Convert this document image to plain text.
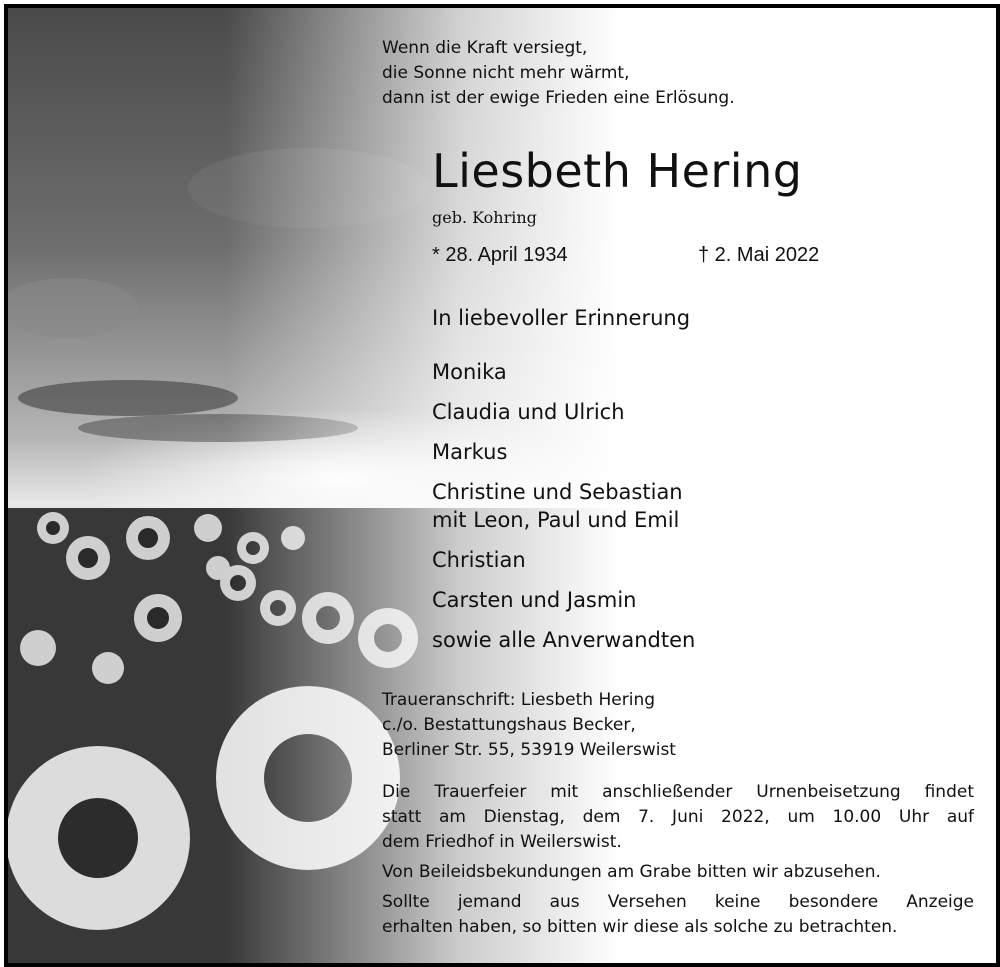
Wenn die Kraft versiegt,
die Sonne nicht mehr wärmt,
dann ist der ewige Frieden eine Erlösung.
Liesbeth Hering
geb. Kohring
* 28. April 1934	† 2. Mai 2022
In liebevoller Erinnerung
Monika
Claudia und Ulrich
Markus
Christine und Sebastian
mit Leon, Paul und Emil
Christian
Carsten und Jasmin
sowie alle Anverwandten
Traueranschrift: Liesbeth Hering
c./o. Bestattungshaus Becker,
Berliner Str. 55, 53919 Weilerswist
Die Trauerfeier mit anschließender Urnenbeisetzung findet
statt am Dienstag, dem 7. Juni 2022, um 10.00 Uhr auf
dem Friedhof in Weilerswist.
Von Beileidsbekundungen am Grabe bitten wir abzusehen.
Sollte jemand aus Versehen keine besondere Anzeige
erhalten haben, so bitten wir diese als solche zu betrachten.
